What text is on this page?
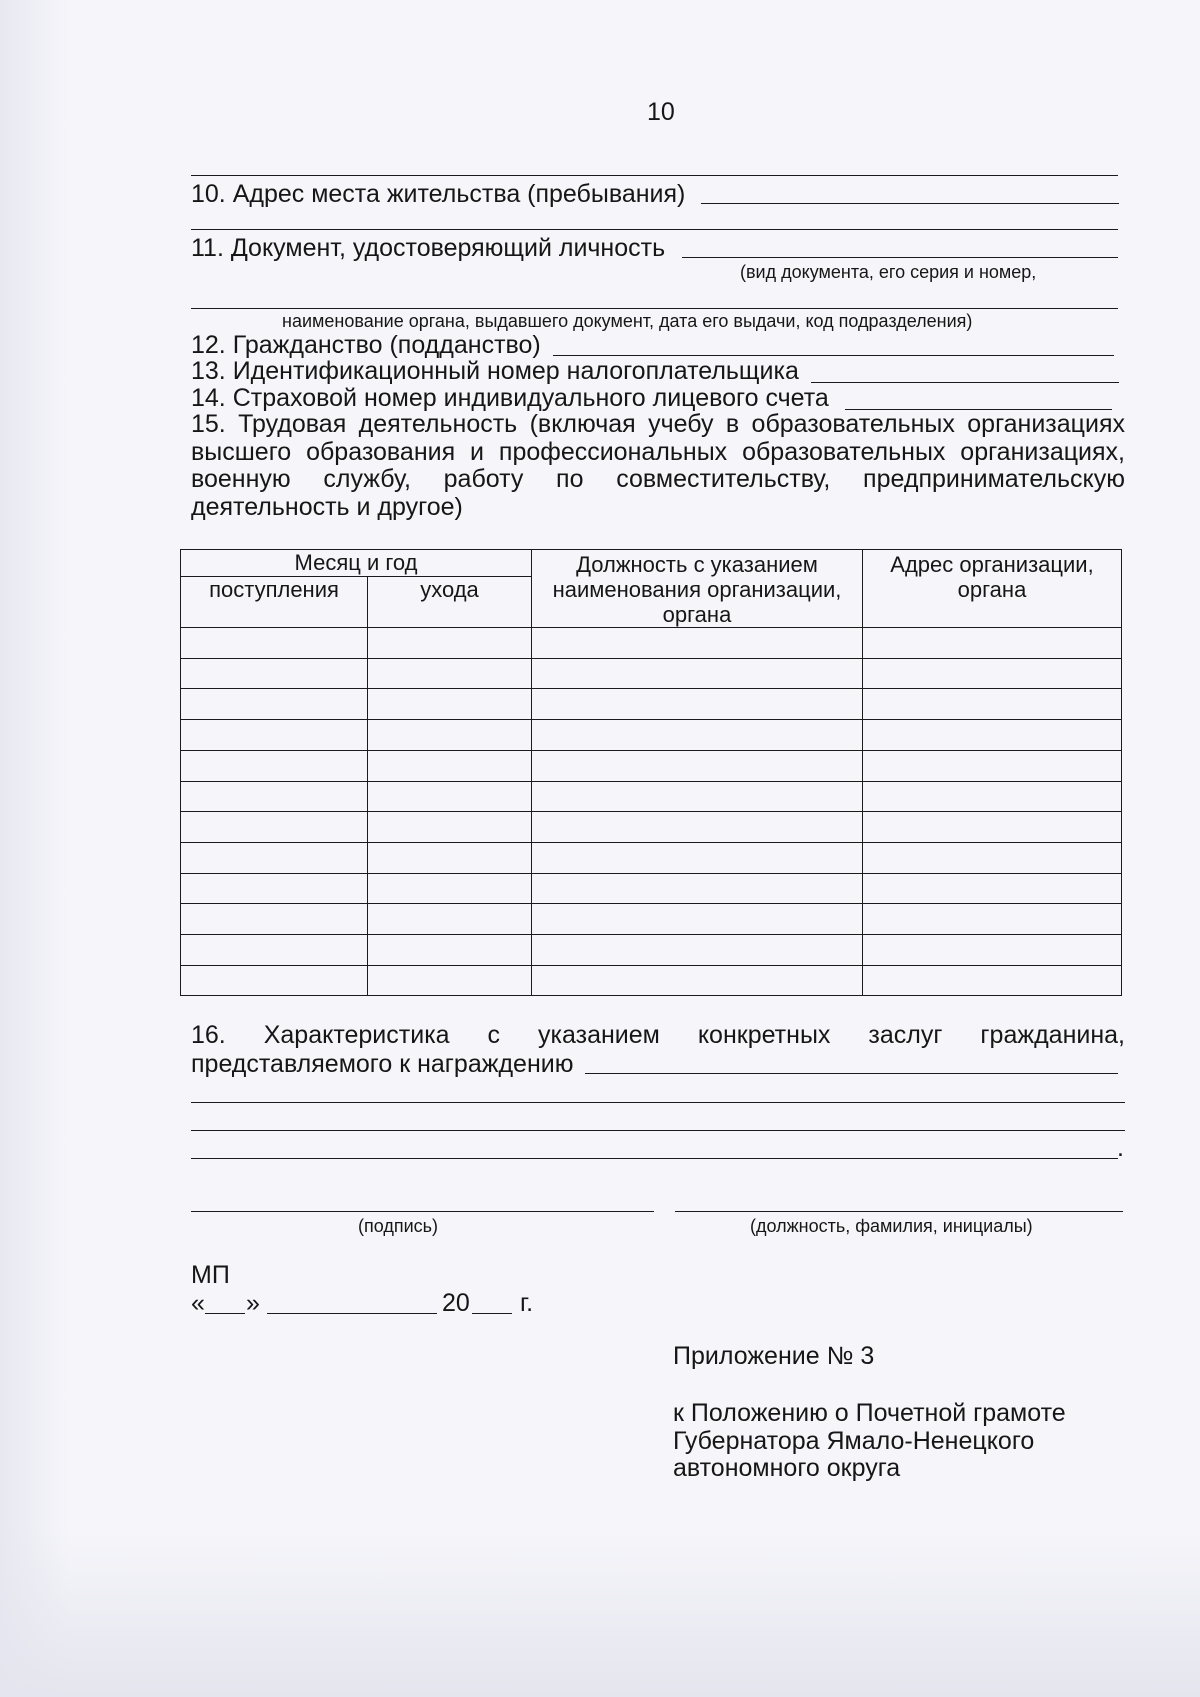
10
10. Адрес места жительства (пребывания)
11. Документ, удостоверяющий личность
(вид документа, его серия и номер,
наименование органа, выдавшего документ, дата его выдачи, код подразделения)
12. Гражданство (подданство)
13. Идентификационный номер налогоплательщика
14. Страховой номер индивидуального лицевого счета
15. Трудовая деятельность (включая учебу в образовательных организациях
высшего образования и профессиональных образовательных организациях,
военную службу, работу по совместительству, предпринимательскую
деятельность и другое)
Месяц и год		Должность с указанием наименования организации, органа	Адрес организации, органа
поступления	ухода		

16. Характеристика с указанием конкретных заслуг гражданина,
представляемого к награждению
.
(подпись)	(должность, фамилия, инициалы)
МП
« »	20 г.
Приложение № 3
к Положению о Почетной грамоте
Губернатора Ямало-Ненецкого
автономного округа
